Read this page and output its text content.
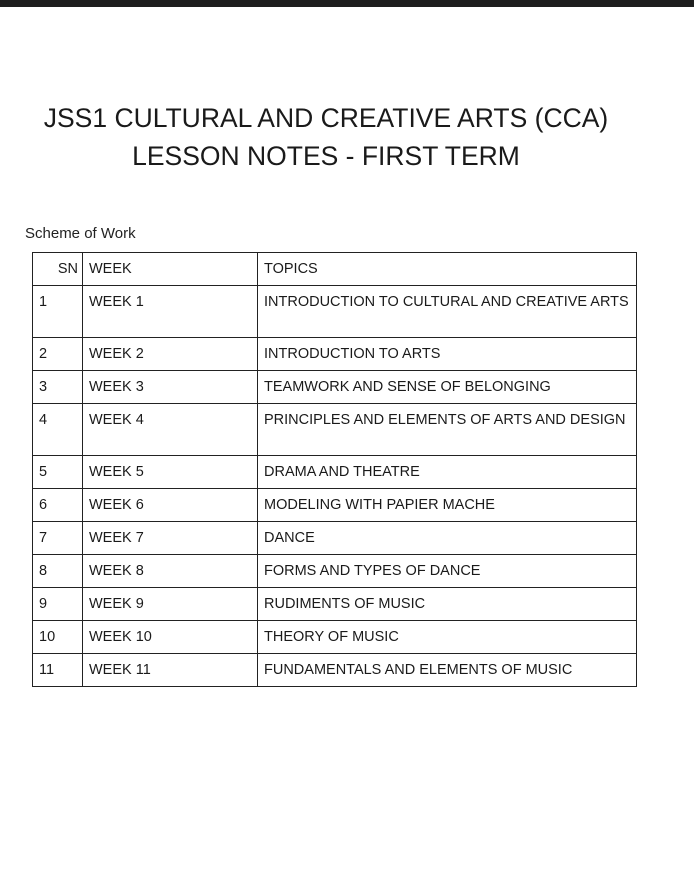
JSS1 CULTURAL AND CREATIVE ARTS (CCA)
LESSON NOTES - FIRST TERM
Scheme of Work
SN	WEEK	TOPICS
1	WEEK 1	INTRODUCTION TO CULTURAL AND CREATIVE ARTS
2	WEEK 2	INTRODUCTION TO ARTS
3	WEEK 3	TEAMWORK AND SENSE OF BELONGING
4	WEEK 4	PRINCIPLES AND ELEMENTS OF ARTS AND DESIGN
5	WEEK 5	DRAMA AND THEATRE
6	WEEK 6	MODELING WITH PAPIER MACHE
7	WEEK 7	DANCE
8	WEEK 8	FORMS AND TYPES OF DANCE
9	WEEK 9	RUDIMENTS OF MUSIC
10	WEEK 10	THEORY OF MUSIC
11	WEEK 11	FUNDAMENTALS AND ELEMENTS OF MUSIC
